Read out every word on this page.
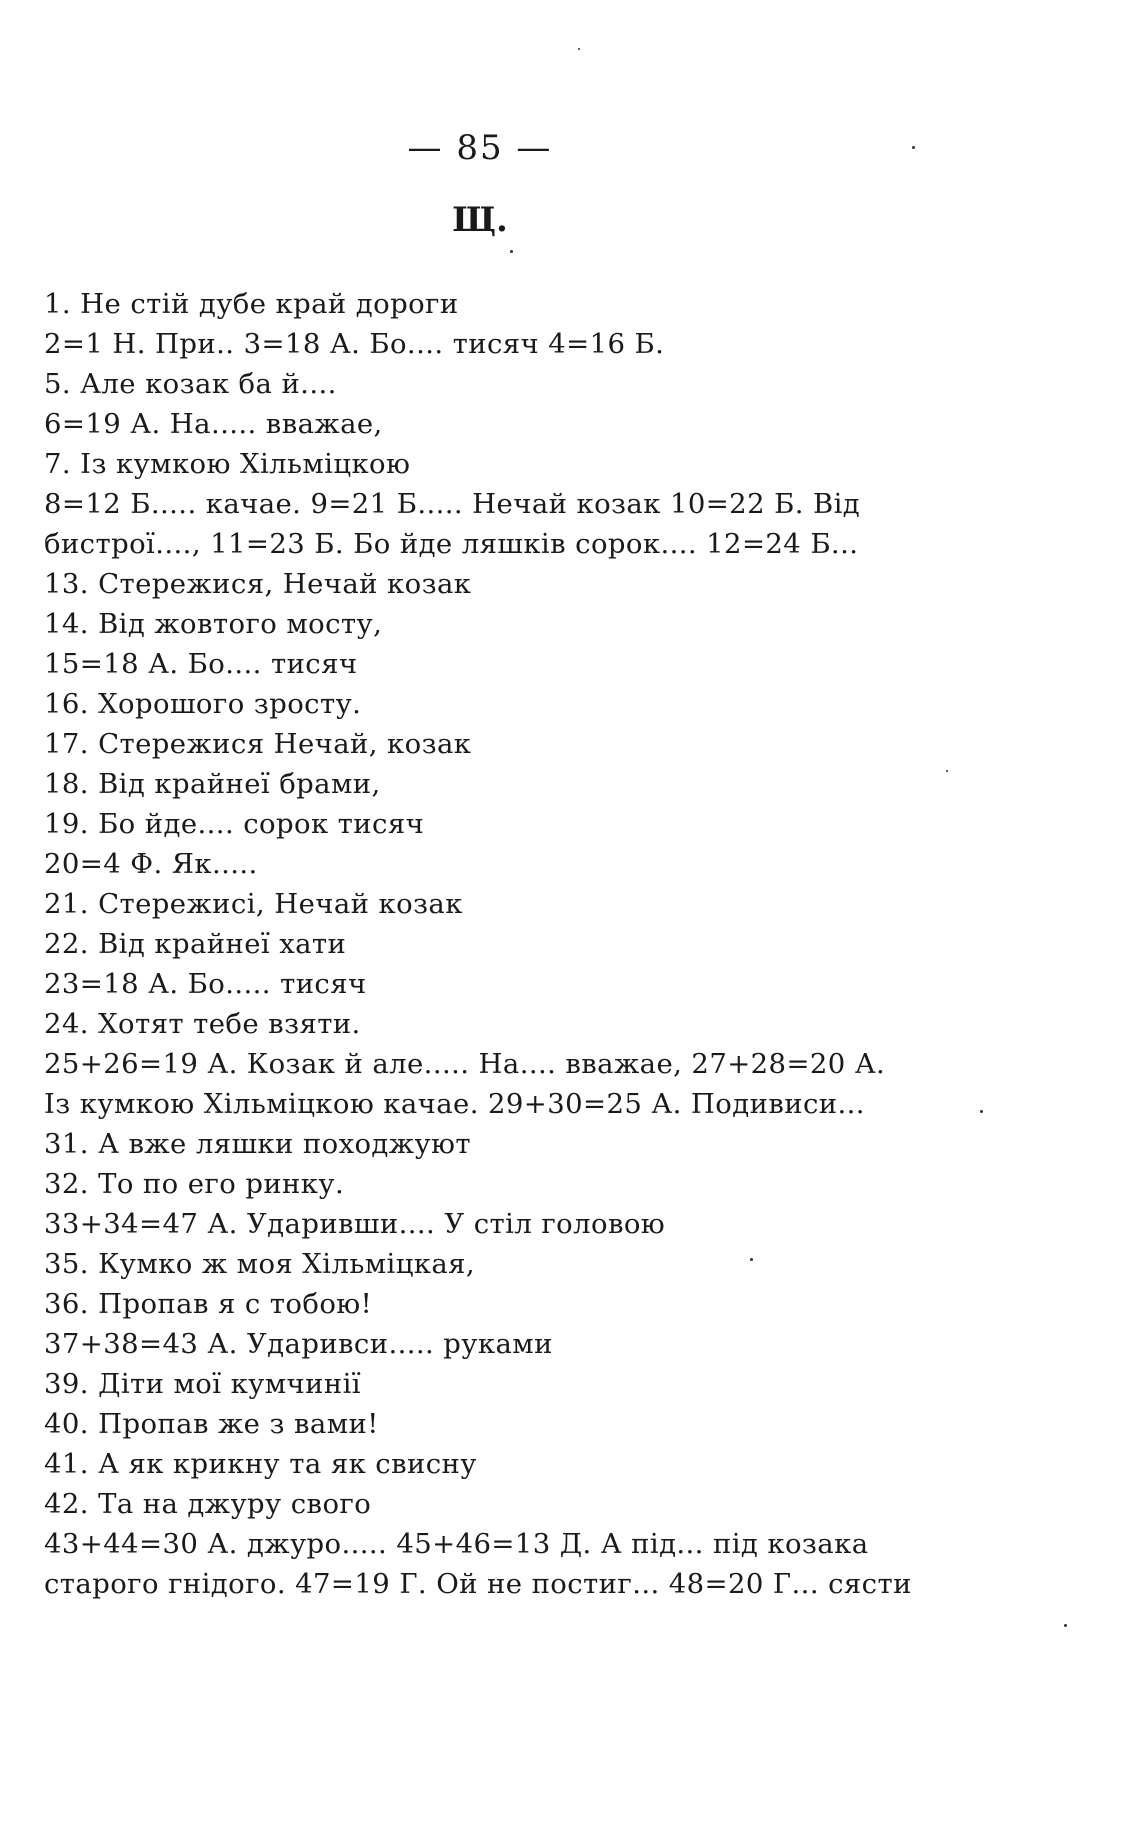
— 85 —
Щ.
1. Не стій дубе край дороги
2=1 Н. При.. 3=18 А. Бо.... тисяч 4=16 Б.
5. Але козак ба й....
6=19 А. На..... вважае,
7. Із кумкою Хільміцкою
8=12 Б..... качае. 9=21 Б..... Нечай козак 10=22 Б. Від
бистрої...., 11=23 Б. Бо йде ляшків сорок.... 12=24 Б...
13. Стережися, Нечай козак
14. Від жовтого мосту,
15=18 А. Бо.... тисяч
16. Хорошого зросту.
17. Стережися Нечай, козак
18. Від крайнеї брами,
19. Бо йде.... сорок тисяч
20=4 Ф. Як.....
21. Стережисі, Нечай козак
22. Від крайнеї хати
23=18 А. Бо..... тисяч
24. Хотят тебе взяти.
25+26=19 А. Козак й але..... На.... вважае, 27+28=20 А.
Із кумкою Хільміцкою качае. 29+30=25 А. Подивиси...
31. А вже ляшки походжуют
32. То по его ринку.
33+34=47 А. Ударивши.... У стіл головою
35. Кумко ж моя Хільміцкая,
36. Пропав я с тобою!
37+38=43 А. Ударивси..... руками
39. Діти мої кумчинії
40. Пропав же з вами!
41. А як крикну та як свисну
42. Та на джуру свого
43+44=30 А. джуро..... 45+46=13 Д. А під... під козака
старого гнідого. 47=19 Г. Ой не постиг... 48=20 Г... сясти
